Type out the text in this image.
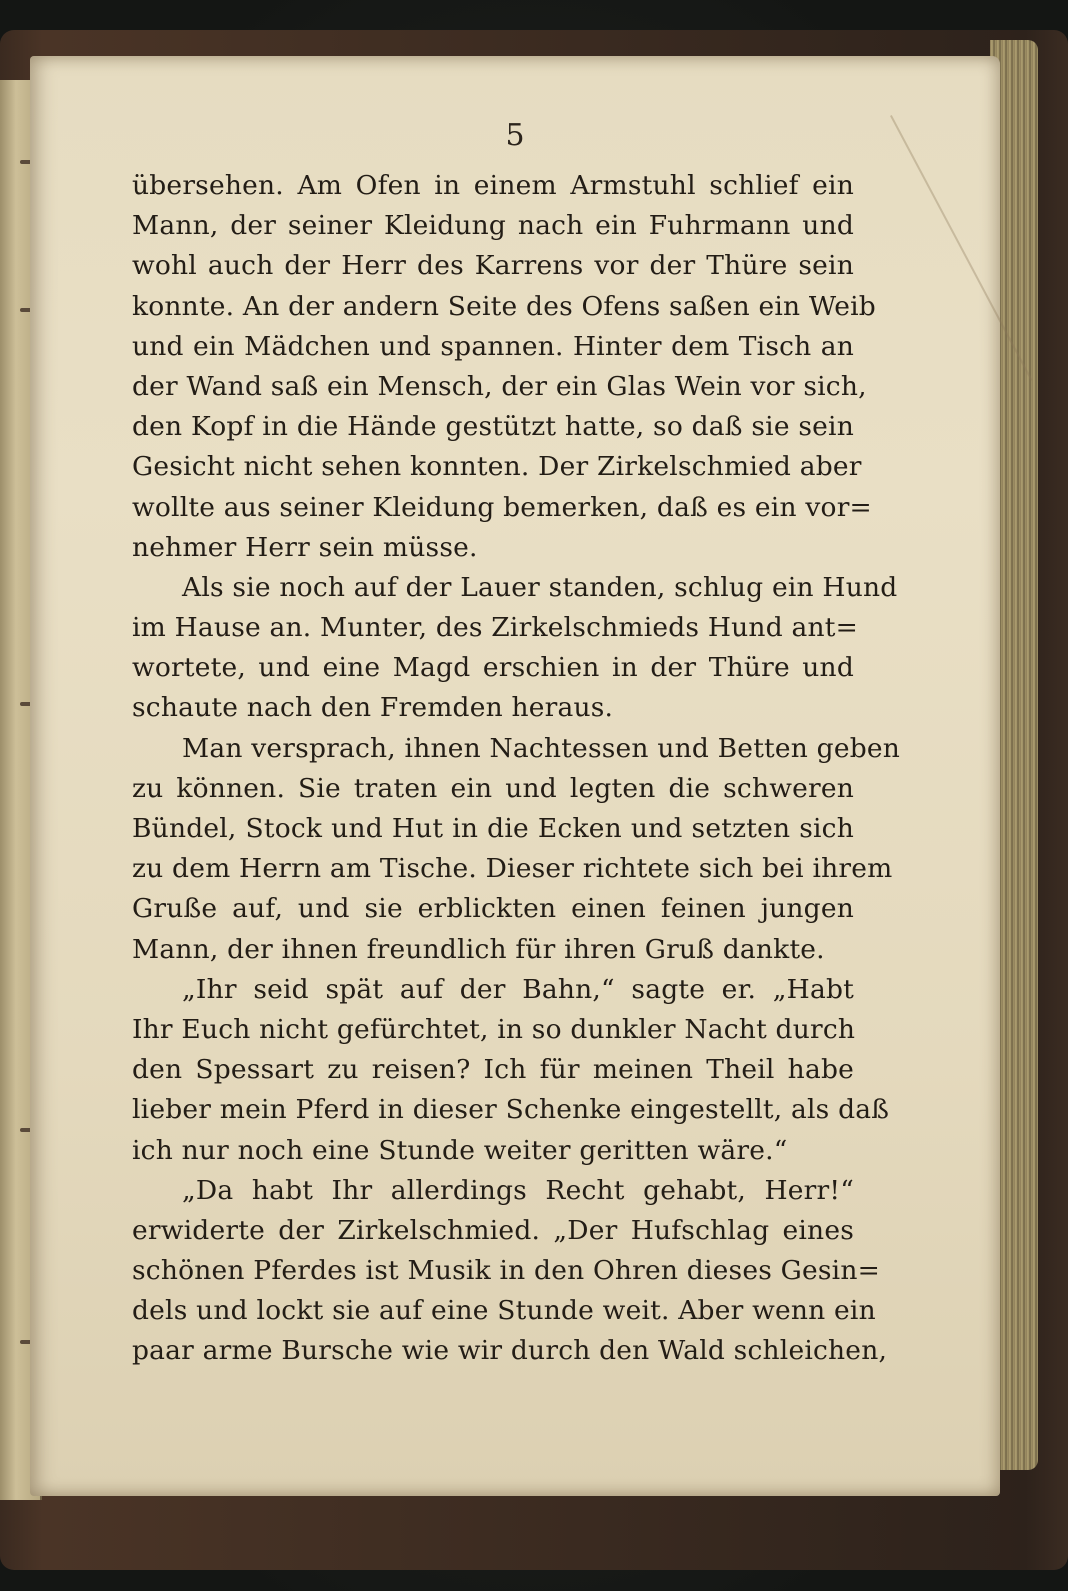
5
übersehen. Am Ofen in einem Armstuhl schlief ein
Mann, der seiner Kleidung nach ein Fuhrmann und
wohl auch der Herr des Karrens vor der Thüre sein
konnte. An der andern Seite des Ofens saßen ein Weib
und ein Mädchen und spannen. Hinter dem Tisch an
der Wand saß ein Mensch, der ein Glas Wein vor sich,
den Kopf in die Hände gestützt hatte, so daß sie sein
Gesicht nicht sehen konnten. Der Zirkelschmied aber
wollte aus seiner Kleidung bemerken, daß es ein vor=
nehmer Herr sein müsse.
Als sie noch auf der Lauer standen, schlug ein Hund
im Hause an. Munter, des Zirkelschmieds Hund ant=
wortete, und eine Magd erschien in der Thüre und
schaute nach den Fremden heraus.
Man versprach, ihnen Nachtessen und Betten geben
zu können. Sie traten ein und legten die schweren
Bündel, Stock und Hut in die Ecken und setzten sich
zu dem Herrn am Tische. Dieser richtete sich bei ihrem
Gruße auf, und sie erblickten einen feinen jungen
Mann, der ihnen freundlich für ihren Gruß dankte.
„Ihr seid spät auf der Bahn,“ sagte er. „Habt
Ihr Euch nicht gefürchtet, in so dunkler Nacht durch
den Spessart zu reisen? Ich für meinen Theil habe
lieber mein Pferd in dieser Schenke eingestellt, als daß
ich nur noch eine Stunde weiter geritten wäre.“
„Da habt Ihr allerdings Recht gehabt, Herr!“
erwiderte der Zirkelschmied. „Der Hufschlag eines
schönen Pferdes ist Musik in den Ohren dieses Gesin=
dels und lockt sie auf eine Stunde weit. Aber wenn ein
paar arme Bursche wie wir durch den Wald schleichen,
